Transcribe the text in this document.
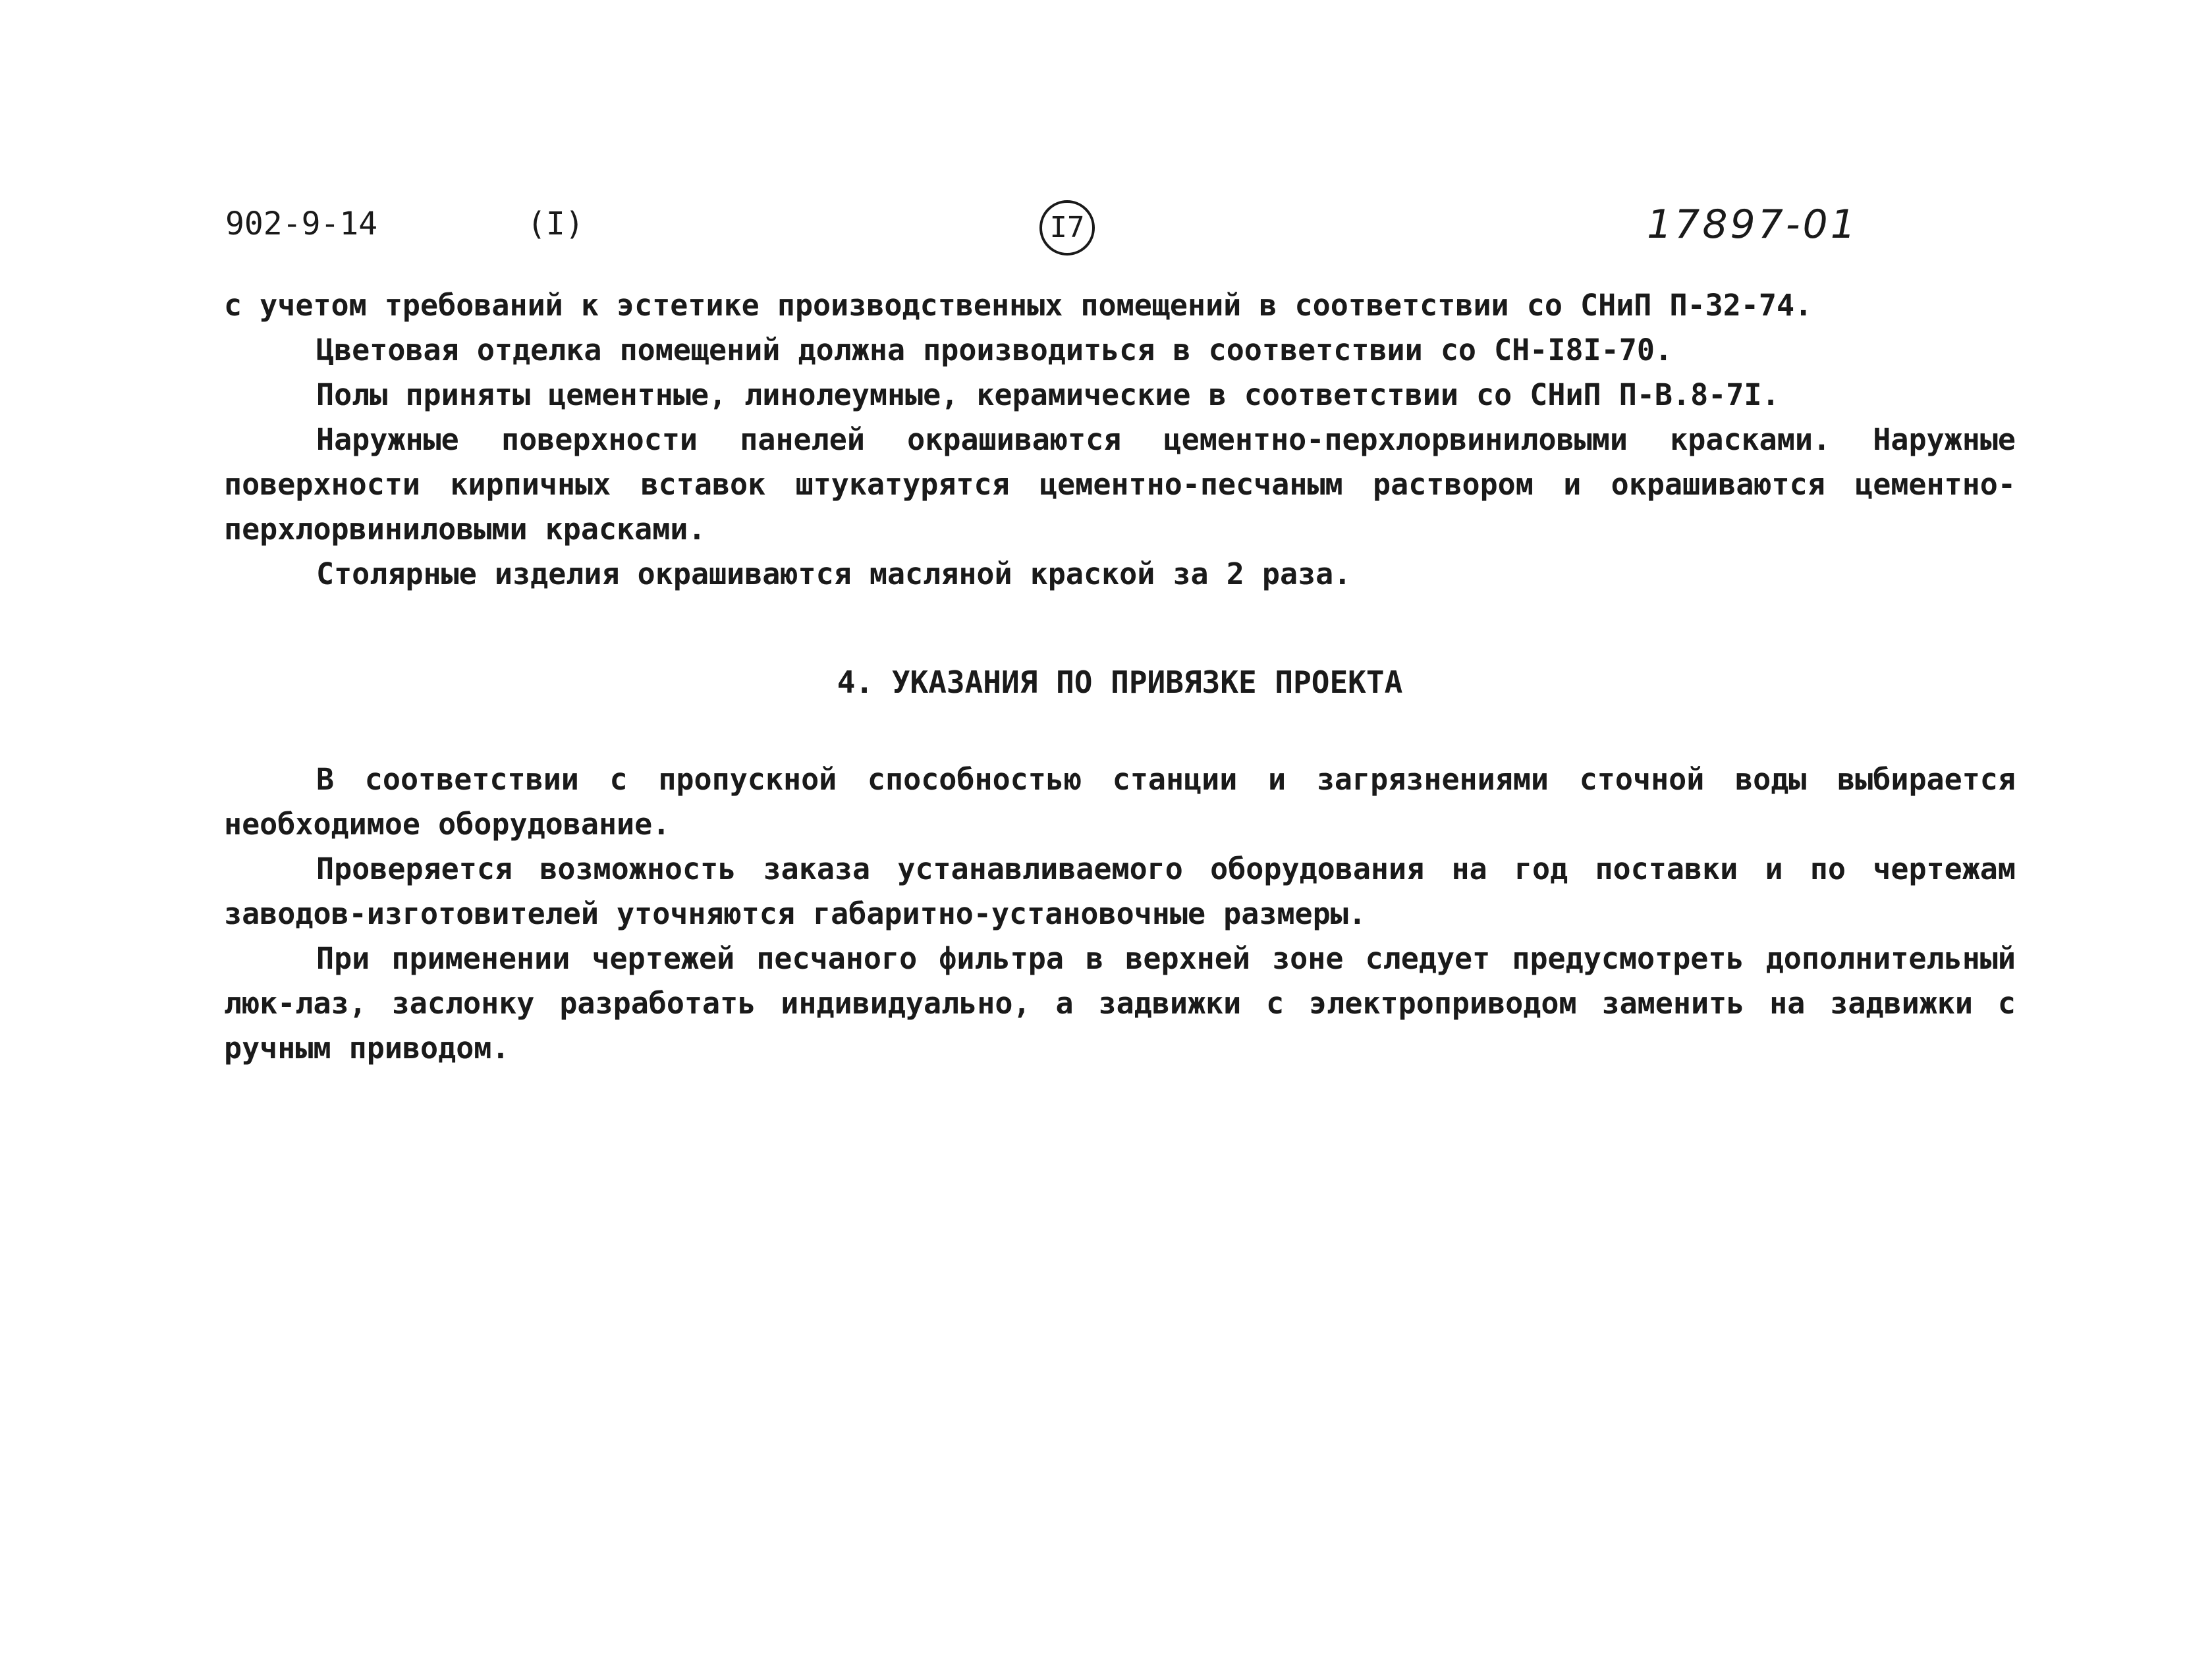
902-9-14	(I)	I7	17897-01

с учетом требований к эстетике производственных помещений в соответствии со СНиП П-32-74.

Цветовая отделка помещений должна производиться в соответствии со СН-I8I-70.

Полы приняты цементные, линолеумные, керамические в соответствии со СНиП П-В.8-7I.

Наружные поверхности панелей окрашиваются цементно-перхлорвиниловыми красками. Наружные поверхности кирпичных вставок штукатурятся цементно-песчаным раствором и окрашиваются цементно-перхлорвиниловыми красками.

Столярные изделия окрашиваются масляной краской за 2 раза.

4. УКАЗАНИЯ ПО ПРИВЯЗКЕ ПРОЕКТА

В соответствии с пропускной способностью станции и загрязнениями сточной воды выбирается необходимое оборудование.

Проверяется возможность заказа устанавливаемого оборудования на год поставки и по чертежам заводов-изготовителей уточняются габаритно-установочные размеры.

При применении чертежей песчаного фильтра в верхней зоне следует предусмотреть дополнительный люк-лаз, заслонку разработать индивидуально, а задвижки с электроприводом заменить на задвижки с ручным приводом.
